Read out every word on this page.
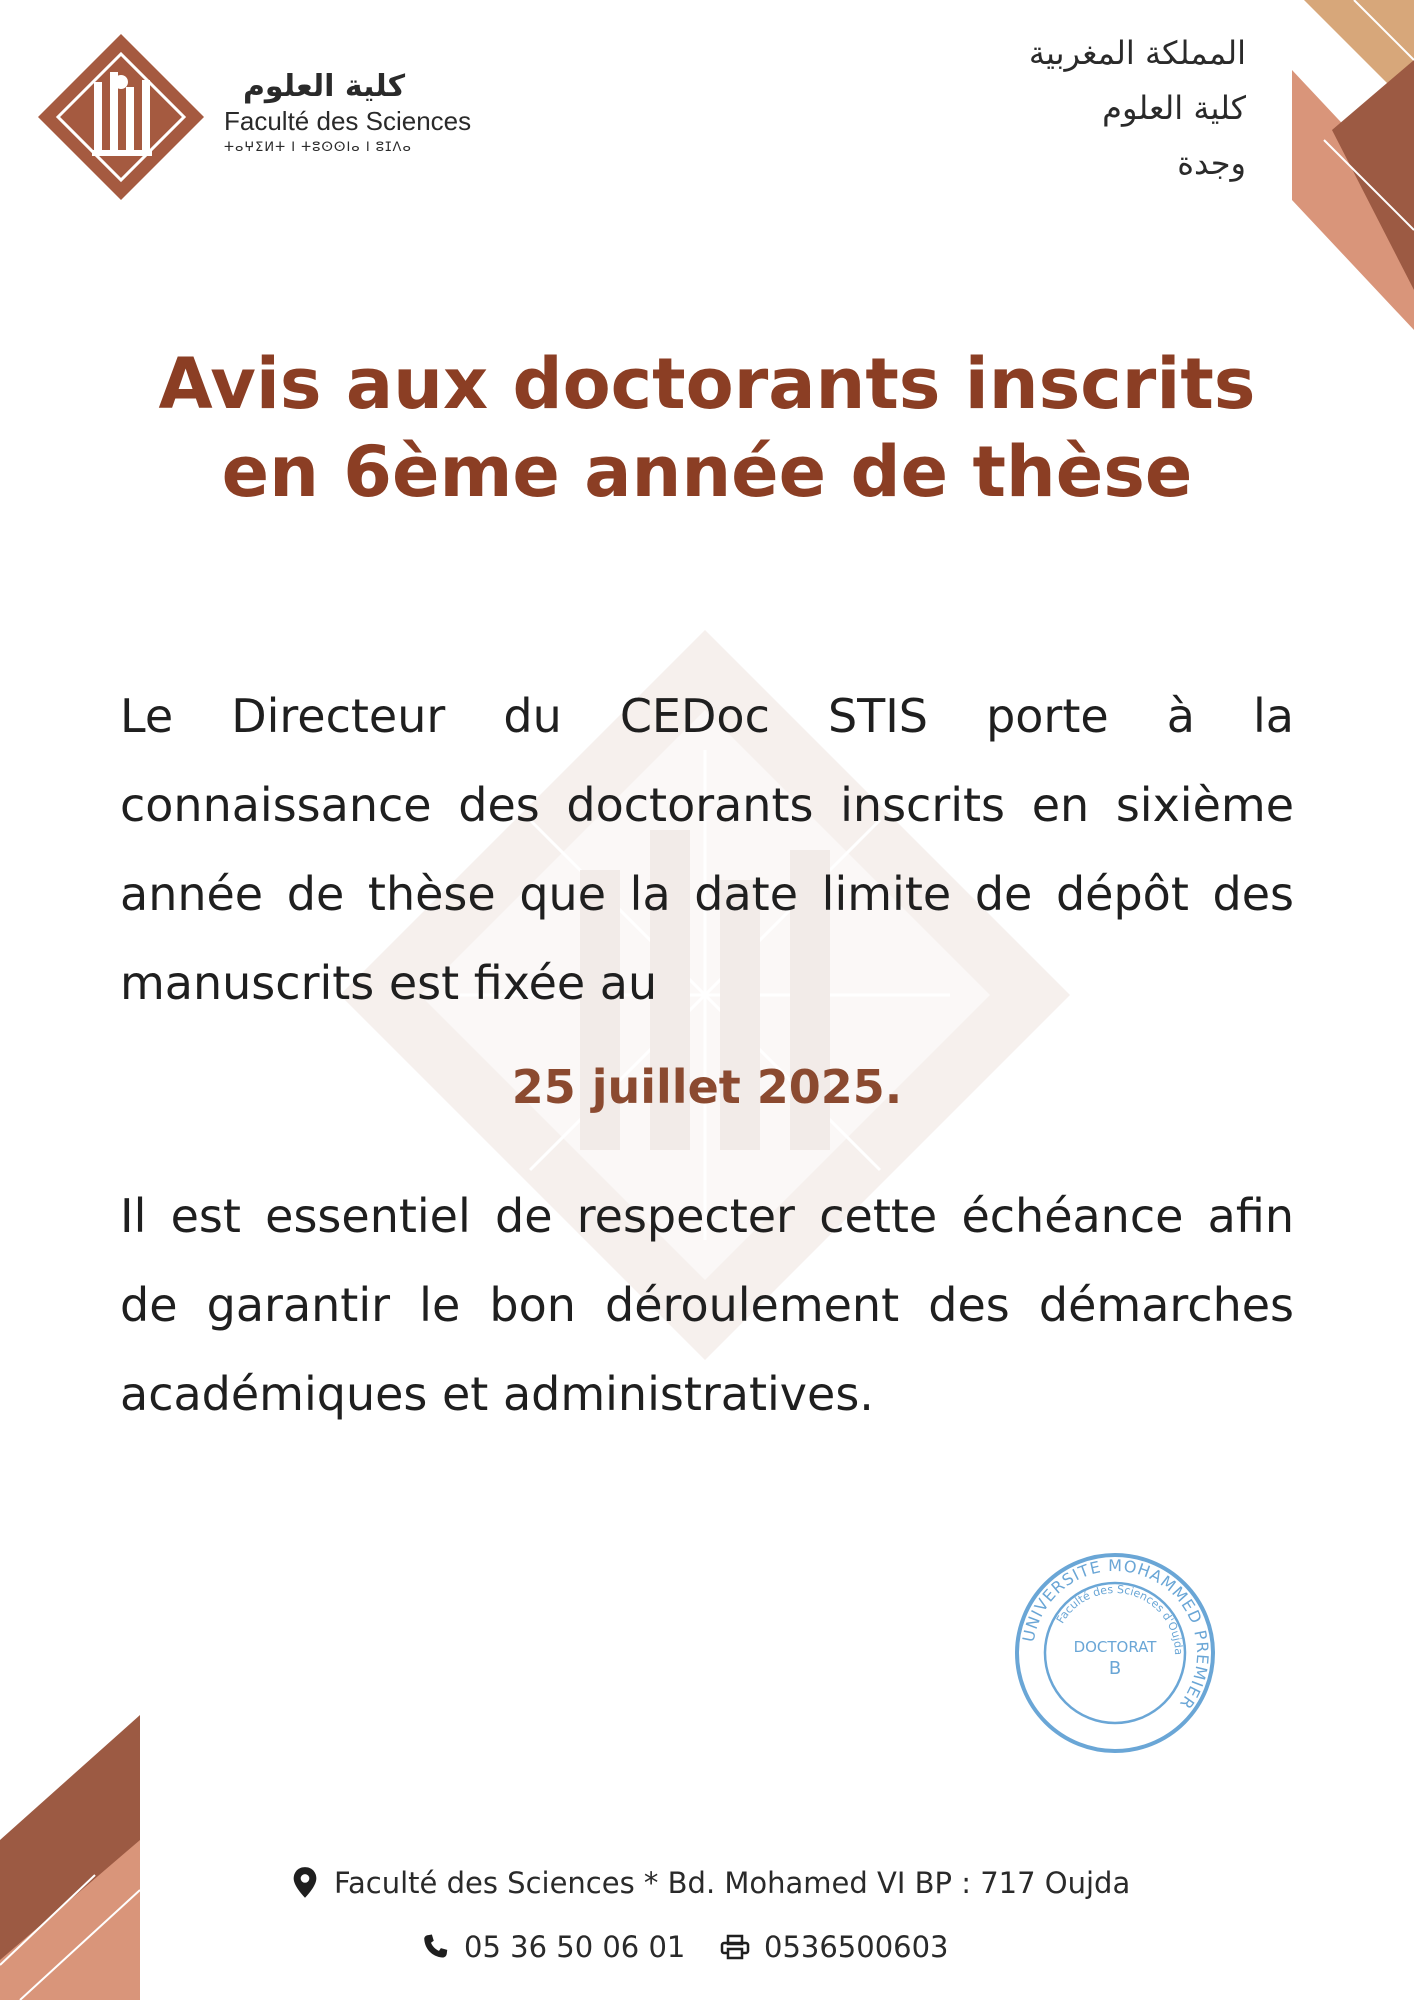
كلية العلوم
Faculté des Sciences
ⵜⴰⵖⵉⵍⵜ ⵏ ⵜⵓⵙⵙⵏⴰ ⵏ ⵓⵊⴷⴰ
المملكة المغربية
كلية العلوم
وجدة
Avis aux doctorants inscrits
en 6ème année de thèse
Le Directeur du CEDoc STIS porte à la connaissance des doctorants inscrits en sixième année de thèse que la date limite de dépôt des manuscrits est fixée au
25 juillet 2025.
Il est essentiel de respecter cette échéance afin de garantir le bon déroulement des démarches académiques et administratives.
UNIVERSITE MOHAMMED PREMIER
Faculté des Sciences d'Oujda
DOCTORAT
B
Faculté des Sciences * Bd. Mohamed VI BP : 717 Oujda
05 36 50 06 01	0536500603
